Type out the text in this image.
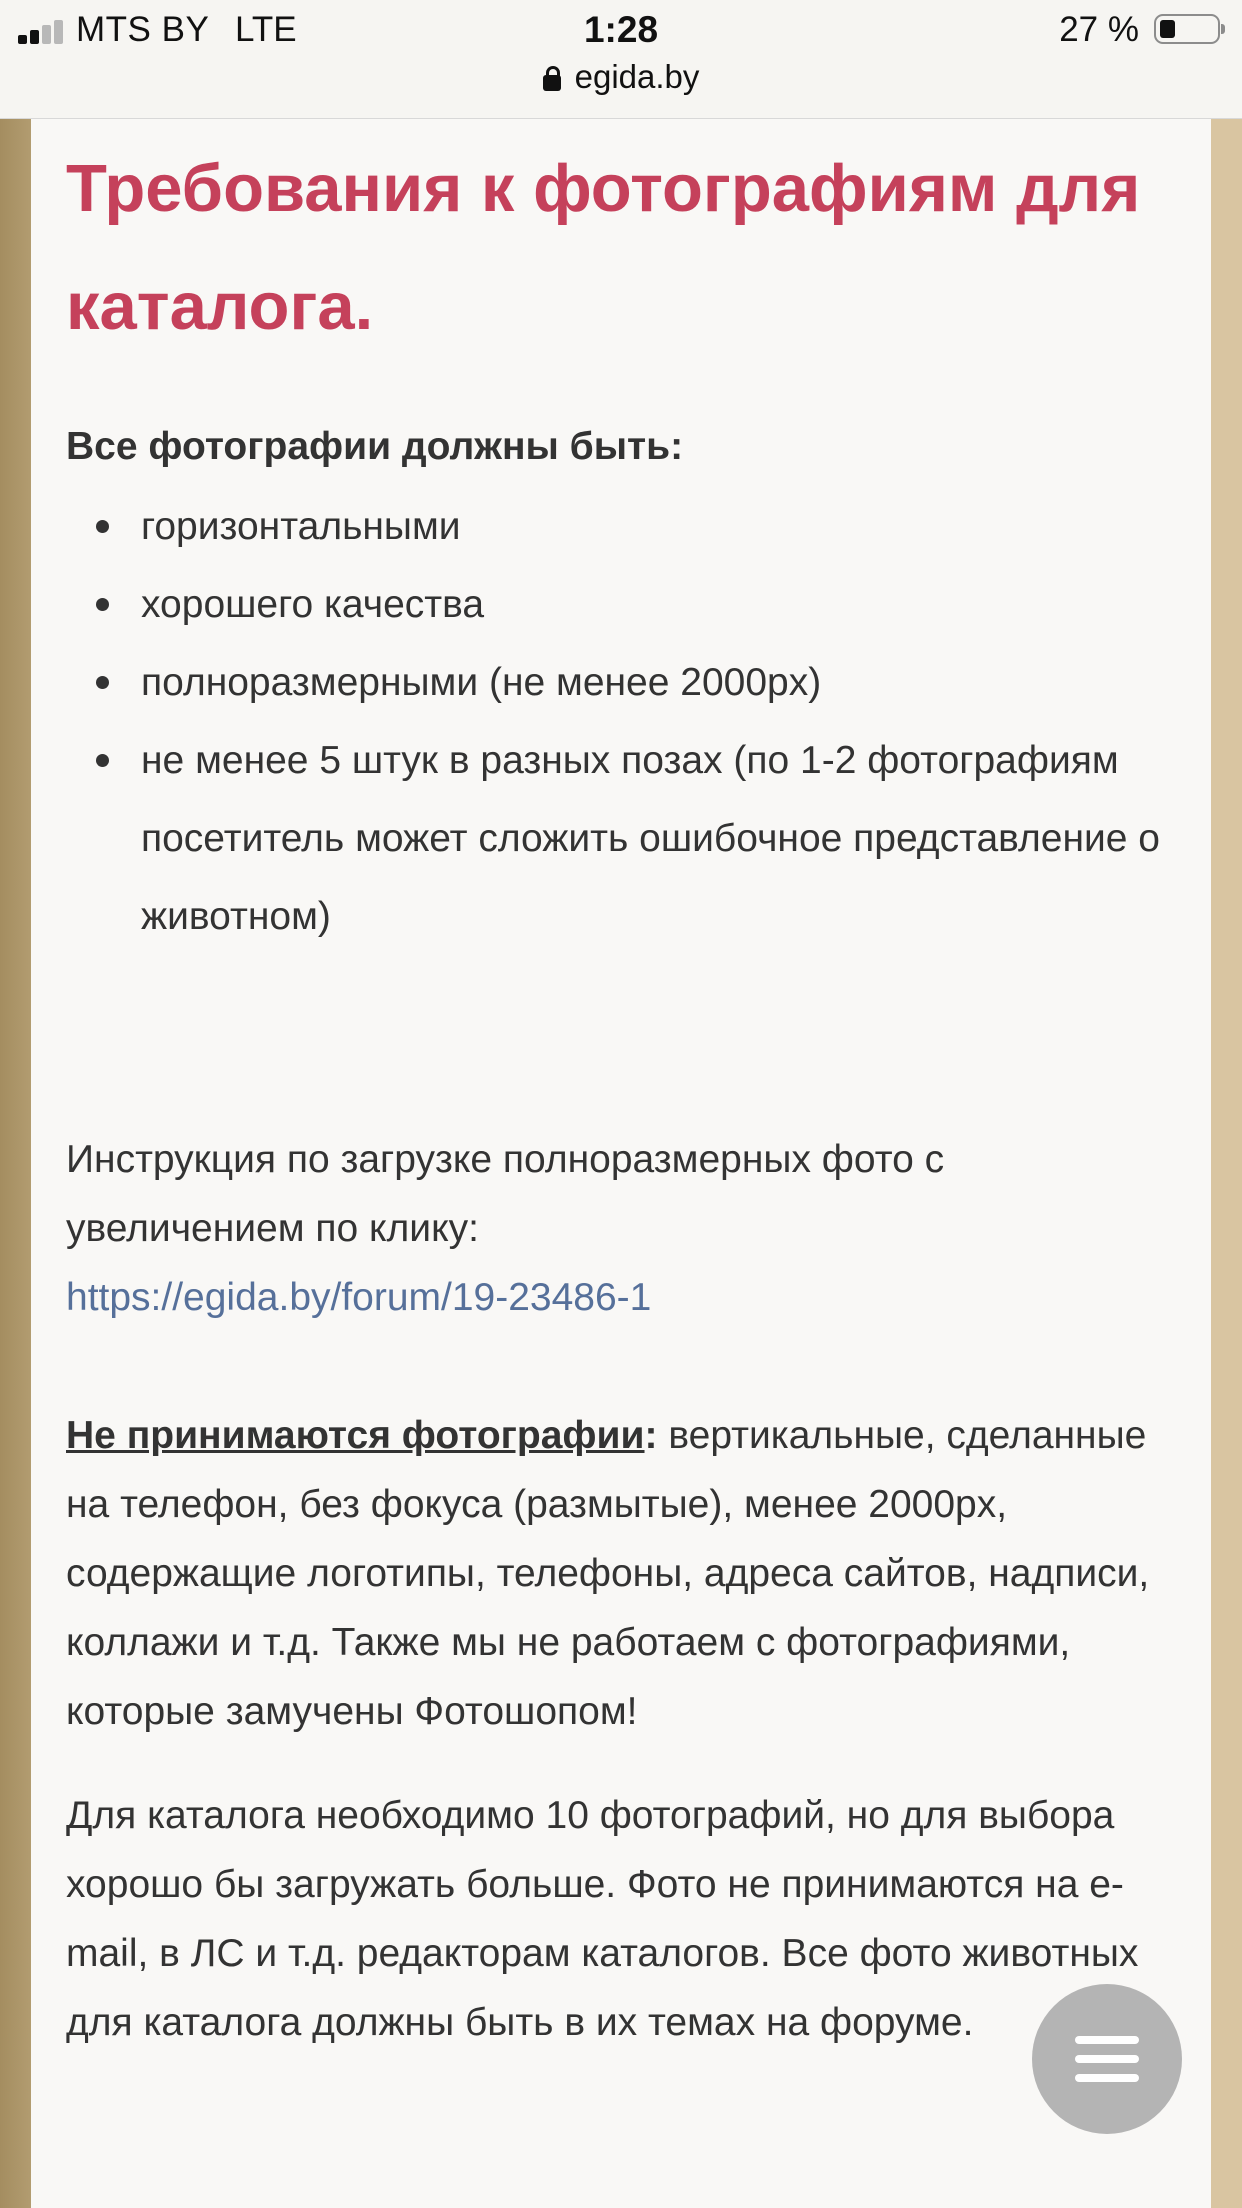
MTS BY LTE	1:28	27 %
egida.by
Требования к фотографиям для каталога.
Все фотографии должны быть:
горизонтальными
хорошего качества
полноразмерными (не менее 2000px)
не менее 5 штук в разных позах (по 1-2 фотографиям посетитель может сложить ошибочное представление о животном)

Инструкция по загрузке полноразмерных фото с увеличением по клику:

https://egida.by/forum/19-23486-1

Не принимаются фотографии: вертикальные, сделанные на телефон, без фокуса (размытые), менее 2000px, содержащие логотипы, телефоны, адреса сайтов, надписи, коллажи и т.д. Также мы не работаем с фотографиями, которые замучены Фотошопом!

Для каталога необходимо 10 фотографий, но для выбора хорошо бы загружать больше. Фото не принимаются на e-mail, в ЛС и т.д. редакторам каталогов. Все фото животных для каталога должны быть в их темах на форуме.
